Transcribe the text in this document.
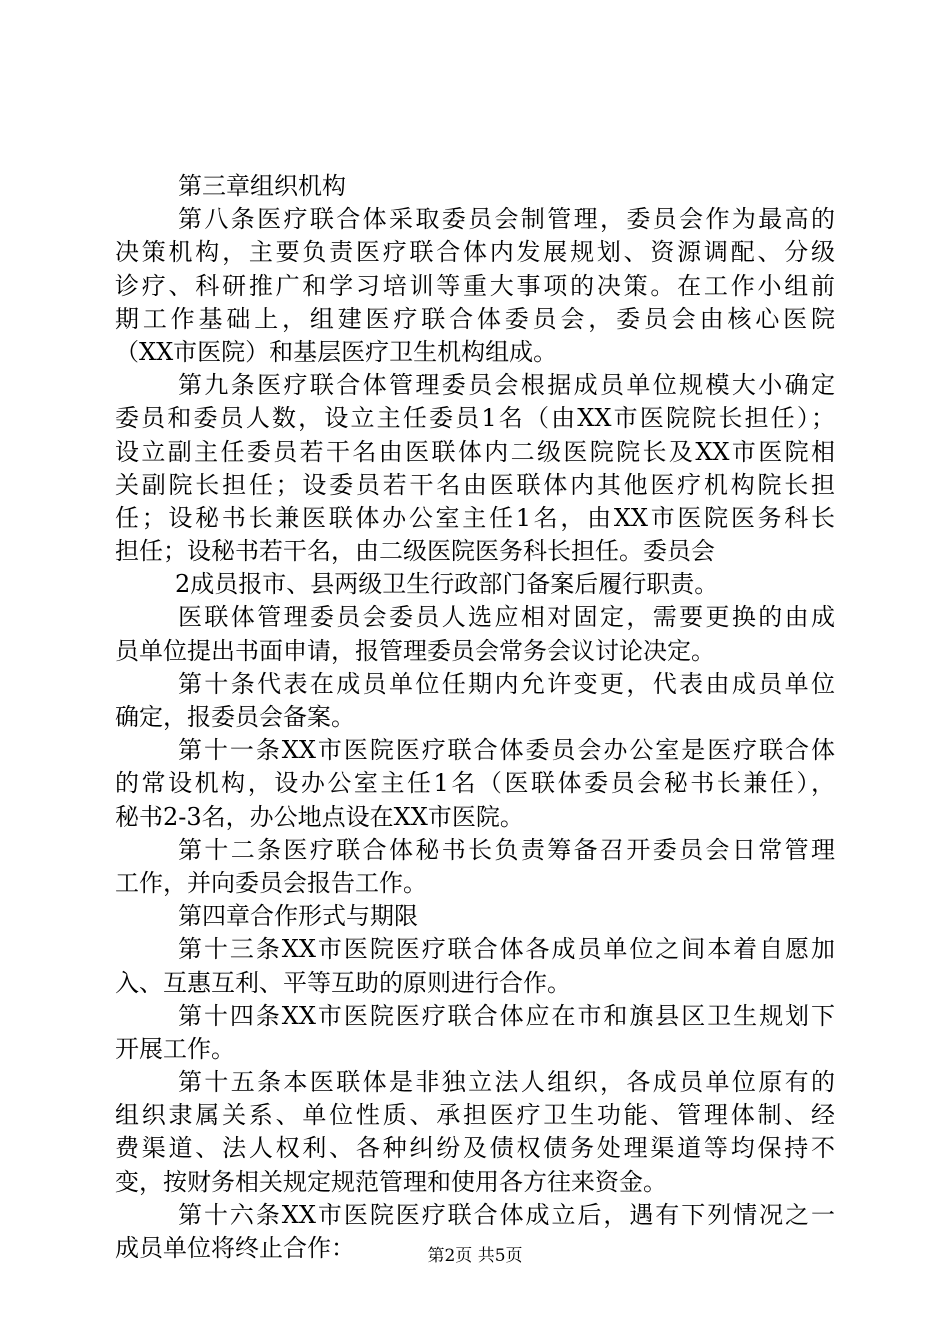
第三章组织机构
第八条医疗联合体采取委员会制管理，委员会作为最高的
决策机构，主要负责医疗联合体内发展规划、资源调配、分级
诊疗、科研推广和学习培训等重大事项的决策。在工作小组前
期工作基础上，组建医疗联合体委员会，委员会由核心医院
（XX市医院）和基层医疗卫生机构组成。
第九条医疗联合体管理委员会根据成员单位规模大小确定
委员和委员人数，设立主任委员1名（由XX市医院院长担任）；
设立副主任委员若干名由医联体内二级医院院长及XX市医院相
关副院长担任；设委员若干名由医联体内其他医疗机构院长担
任；设秘书长兼医联体办公室主任1名，由XX市医院医务科长
担任；设秘书若干名，由二级医院医务科长担任。委员会
2成员报市、县两级卫生行政部门备案后履行职责。
医联体管理委员会委员人选应相对固定，需要更换的由成
员单位提出书面申请，报管理委员会常务会议讨论决定。
第十条代表在成员单位任期内允许变更，代表由成员单位
确定，报委员会备案。
第十一条XX市医院医疗联合体委员会办公室是医疗联合体
的常设机构，设办公室主任1名（医联体委员会秘书长兼任），
秘书2-3名，办公地点设在XX市医院。
第十二条医疗联合体秘书长负责筹备召开委员会日常管理
工作，并向委员会报告工作。
第四章合作形式与期限
第十三条XX市医院医疗联合体各成员单位之间本着自愿加
入、互惠互利、平等互助的原则进行合作。
第十四条XX市医院医疗联合体应在市和旗县区卫生规划下
开展工作。
第十五条本医联体是非独立法人组织，各成员单位原有的
组织隶属关系、单位性质、承担医疗卫生功能、管理体制、经
费渠道、法人权利、各种纠纷及债权债务处理渠道等均保持不
变，按财务相关规定规范管理和使用各方往来资金。
第十六条XX市医院医疗联合体成立后，遇有下列情况之一
成员单位将终止合作：	第2页 共5页
